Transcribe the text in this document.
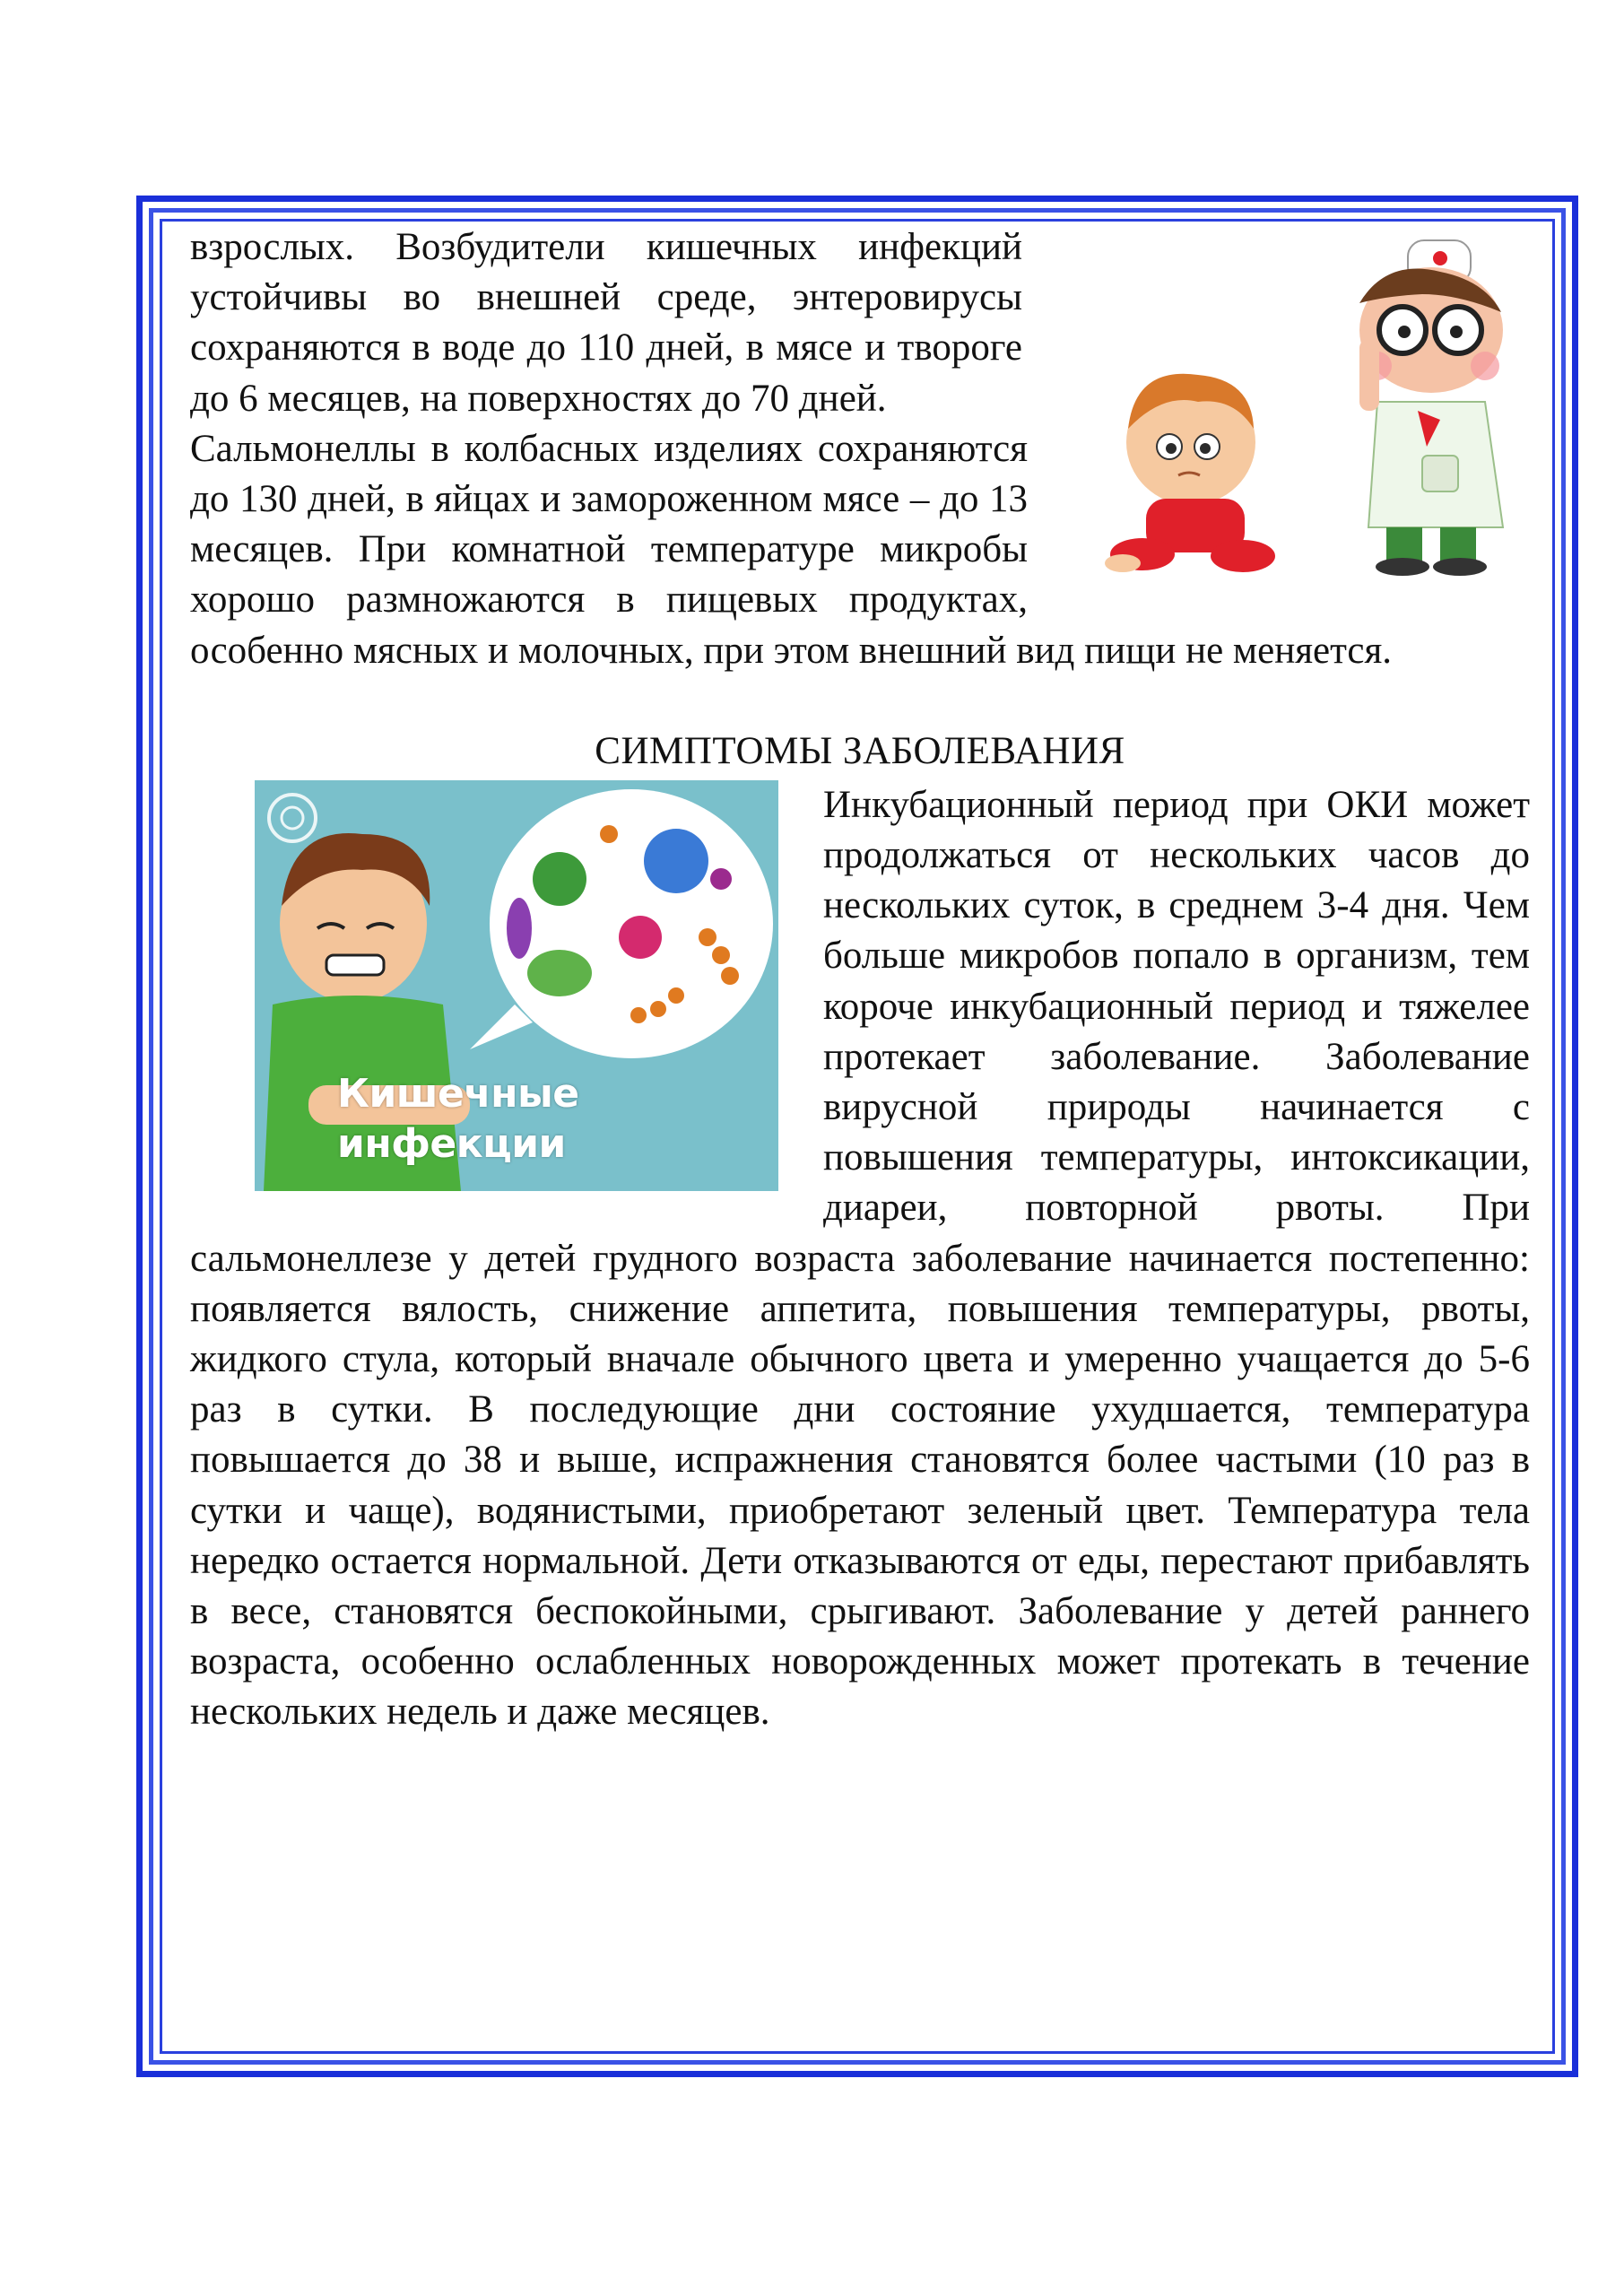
взрослых. Возбудители кишечных инфекций устойчивы во внешней среде, энтеровирусы сохраняются в воде до 110 дней, в мясе и твороге до 6 месяцев, на поверхностях до 70 дней.

Сальмонеллы в колбасных изделиях сохраняются до 130 дней, в яйцах и замороженном мясе – до 13 месяцев. При комнатной температуре микробы хорошо размножаются в пищевых продуктах, особенно мясных и молочных, при этом внешний вид пищи не меняется.

СИМПТОМЫ ЗАБОЛЕВАНИЯ
Кишечные инфекции

Инкубационный период при ОКИ может продолжаться от нескольких часов до нескольких суток, в среднем 3-4 дня. Чем больше микробов попало в организм, тем короче инкубационный период и тяжелее протекает заболевание. Заболевание вирусной природы начинается с повышения температуры, интоксикации, диареи, повторной рвоты. При сальмонеллезе у детей грудного возраста заболевание начинается постепенно: появляется вялость, снижение аппетита, повышения температуры, рвоты, жидкого стула, который вначале обычного цвета и умеренно учащается до 5-6 раз в сутки. В последующие дни состояние ухудшается, температура повышается до 38 и выше, испражнения становятся более частыми (10 раз в сутки и чаще), водянистыми, приобретают зеленый цвет. Температура тела нередко остается нормальной. Дети отказываются от еды, перестают прибавлять в весе, становятся беспокойными, срыгивают. Заболевание у детей раннего возраста, особенно ослабленных новорожденных может протекать в течение нескольких недель и даже месяцев.
